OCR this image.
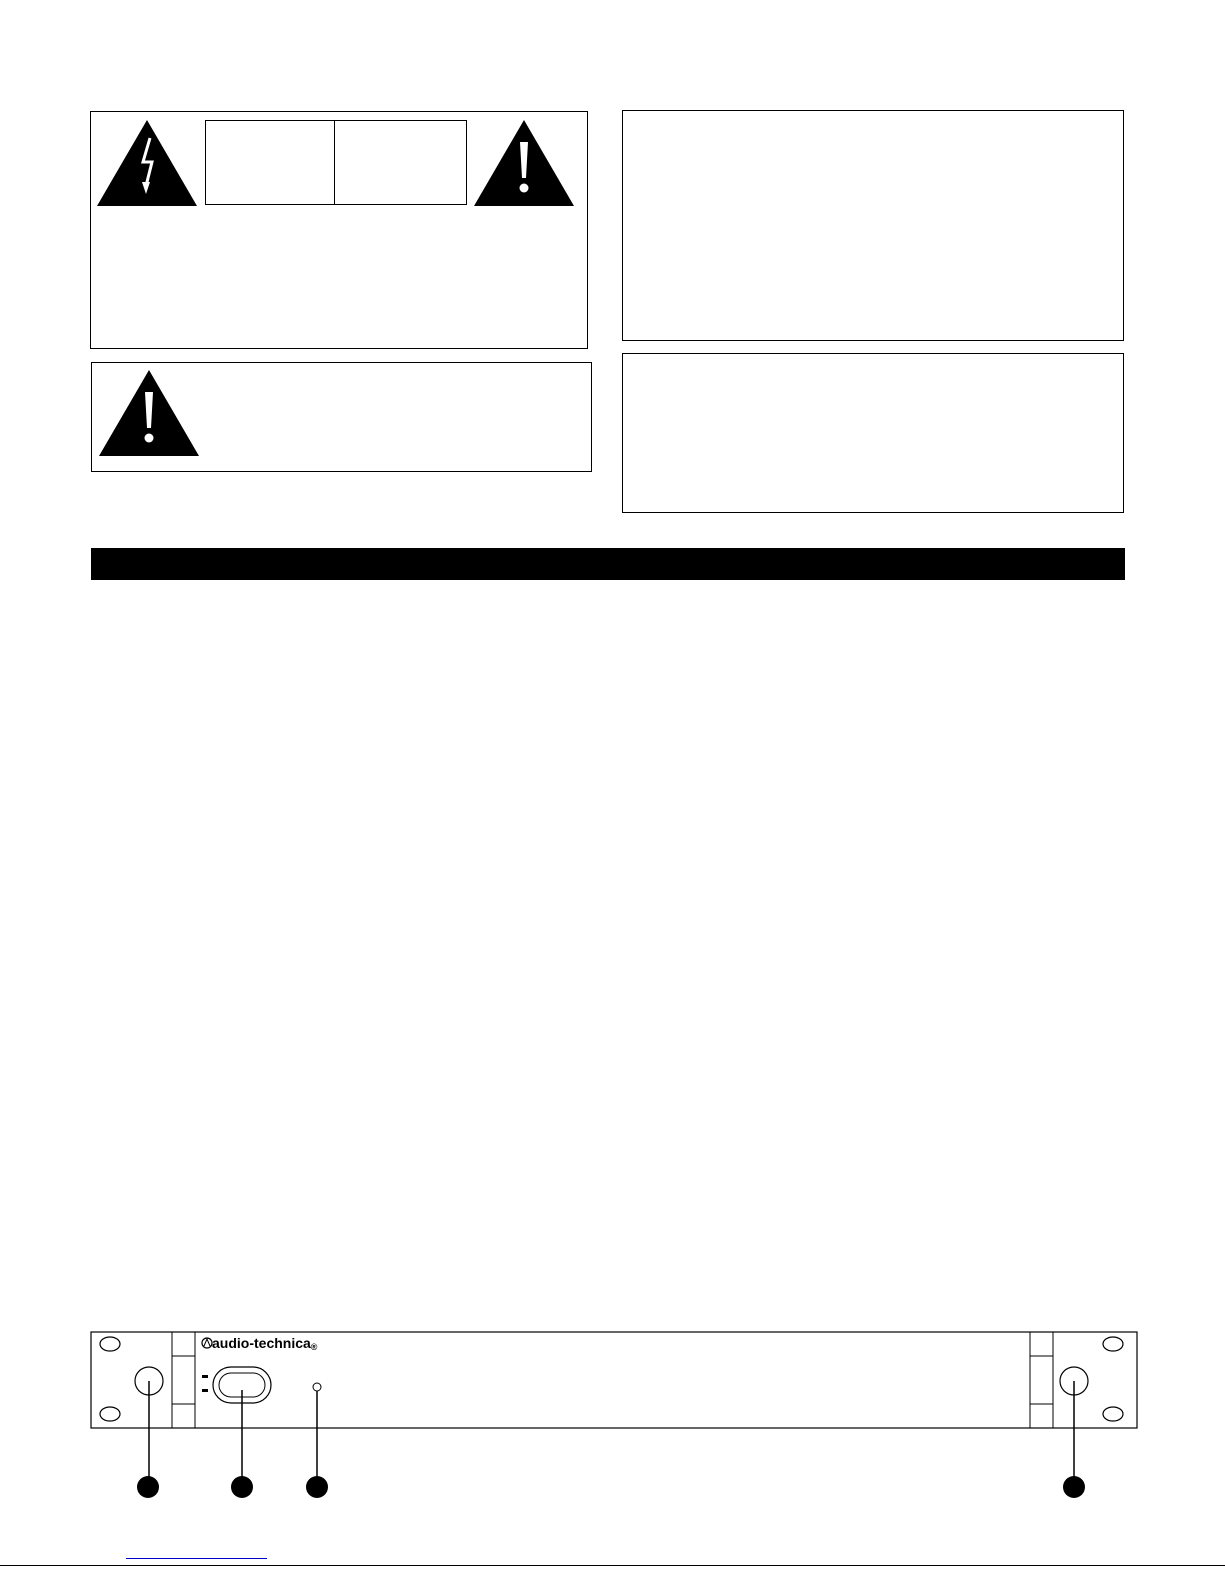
audio-technica®
